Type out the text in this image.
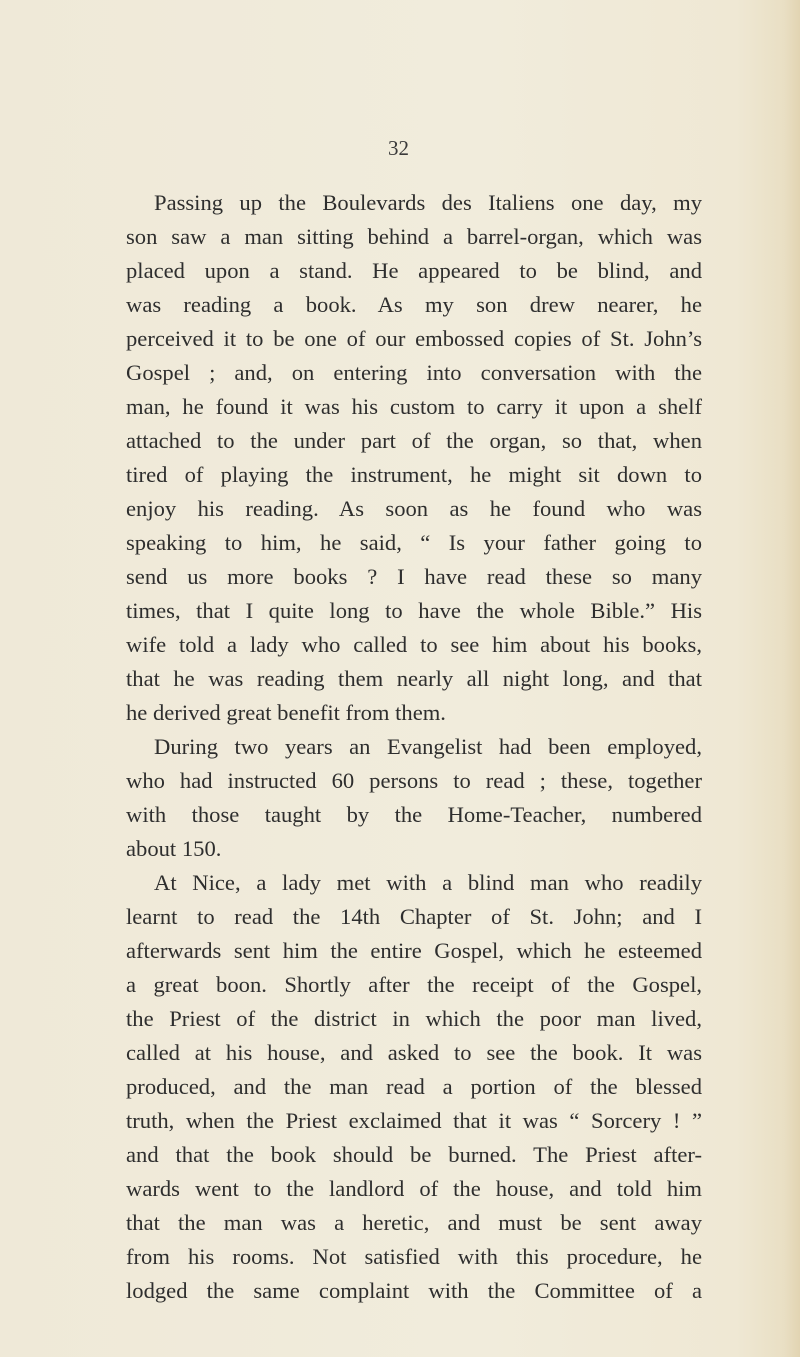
32
Passing up the Boulevards des Italiens one day, my
son saw a man sitting behind a barrel-organ, which was
placed upon a stand. He appeared to be blind, and
was reading a book. As my son drew nearer, he
perceived it to be one of our embossed copies of St. John’s
Gospel ; and, on entering into conversation with the
man, he found it was his custom to carry it upon a shelf
attached to the under part of the organ, so that, when
tired of playing the instrument, he might sit down to
enjoy his reading. As soon as he found who was
speaking to him, he said, “ Is your father going to
send us more books ? I have read these so many
times, that I quite long to have the whole Bible.” His
wife told a lady who called to see him about his books,
that he was reading them nearly all night long, and that
he derived great benefit from them.
During two years an Evangelist had been employed,
who had instructed 60 persons to read ; these, together
with those taught by the Home-Teacher, numbered
about 150.
At Nice, a lady met with a blind man who readily
learnt to read the 14th Chapter of St. John; and I
afterwards sent him the entire Gospel, which he esteemed
a great boon. Shortly after the receipt of the Gospel,
the Priest of the district in which the poor man lived,
called at his house, and asked to see the book. It was
produced, and the man read a portion of the blessed
truth, when the Priest exclaimed that it was “ Sorcery ! ”
and that the book should be burned. The Priest after-
wards went to the landlord of the house, and told him
that the man was a heretic, and must be sent away
from his rooms. Not satisfied with this procedure, he
lodged the same complaint with the Committee of a
